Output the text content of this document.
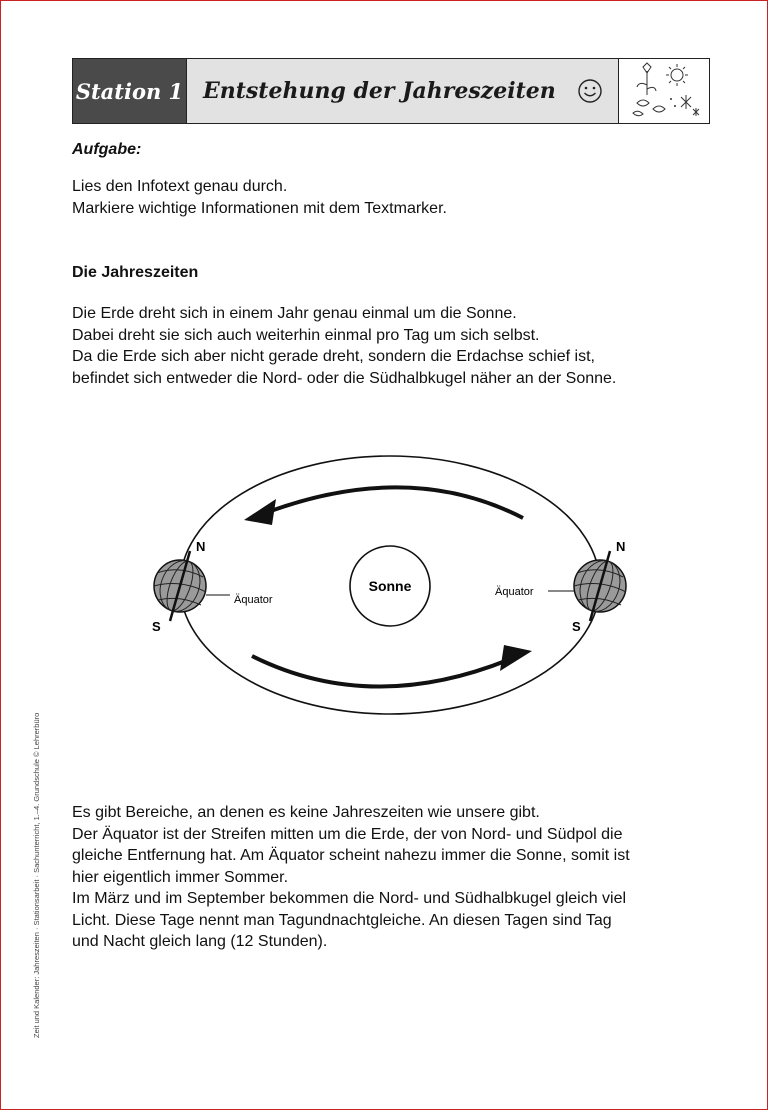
Station 1 Entstehung der Jahreszeiten
Aufgabe:
Lies den Infotext genau durch.
Markiere wichtige Informationen mit dem Textmarker.
Die Jahreszeiten
Die Erde dreht sich in einem Jahr genau einmal um die Sonne.
Dabei dreht sie sich auch weiterhin einmal pro Tag um sich selbst.
Da die Erde sich aber nicht gerade dreht, sondern die Erdachse schief ist,
befindet sich entweder die Nord- oder die Südhalbkugel näher an der Sonne.
Sonne
N
S
Äquator
N
S
Äquator
Es gibt Bereiche, an denen es keine Jahreszeiten wie unsere gibt.
Der Äquator ist der Streifen mitten um die Erde, der von Nord- und Südpol die
gleiche Entfernung hat. Am Äquator scheint nahezu immer die Sonne, somit ist
hier eigentlich immer Sommer.
Im März und im September bekommen die Nord- und Südhalbkugel gleich viel
Licht. Diese Tage nennt man Tagundnachtgleiche. An diesen Tagen sind Tag
und Nacht gleich lang (12 Stunden).
Zeit und Kalender: Jahreszeiten · Stationsarbeit · Sachunterricht, 1.–4. Grundschule © Lehrerbüro
